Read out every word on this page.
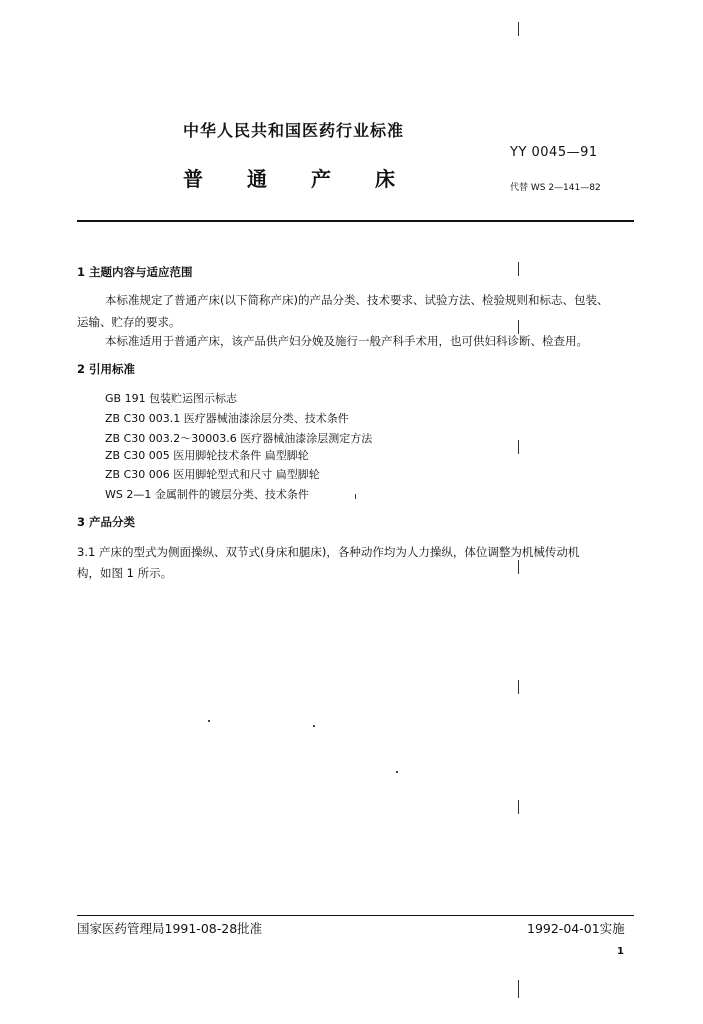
中华人民共和国医药行业标准
普通产床
YY 0045—91
代替 WS 2—141—82
1 主题内容与适应范围
本标准规定了普通产床(以下简称产床)的产品分类、技术要求、试验方法、检验规则和标志、包装、
运输、贮存的要求。
本标准适用于普通产床，该产品供产妇分娩及施行一般产科手术用，也可供妇科诊断、检查用。
2 引用标准
GB 191 包装贮运图示标志
ZB C30 003.1 医疗器械油漆涂层分类、技术条件
ZB C30 003.2～30003.6 医疗器械油漆涂层测定方法
ZB C30 005 医用脚轮技术条件 扁型脚轮
ZB C30 006 医用脚轮型式和尺寸 扁型脚轮
WS 2—1 金属制件的镀层分类、技术条件
3 产品分类
3.1 产床的型式为侧面操纵、双节式(身床和腿床)，各种动作均为人力操纵，体位调整为机械传动机
构，如图 1 所示。
国家医药管理局1991-08-28批准	1992-04-01实施
1
